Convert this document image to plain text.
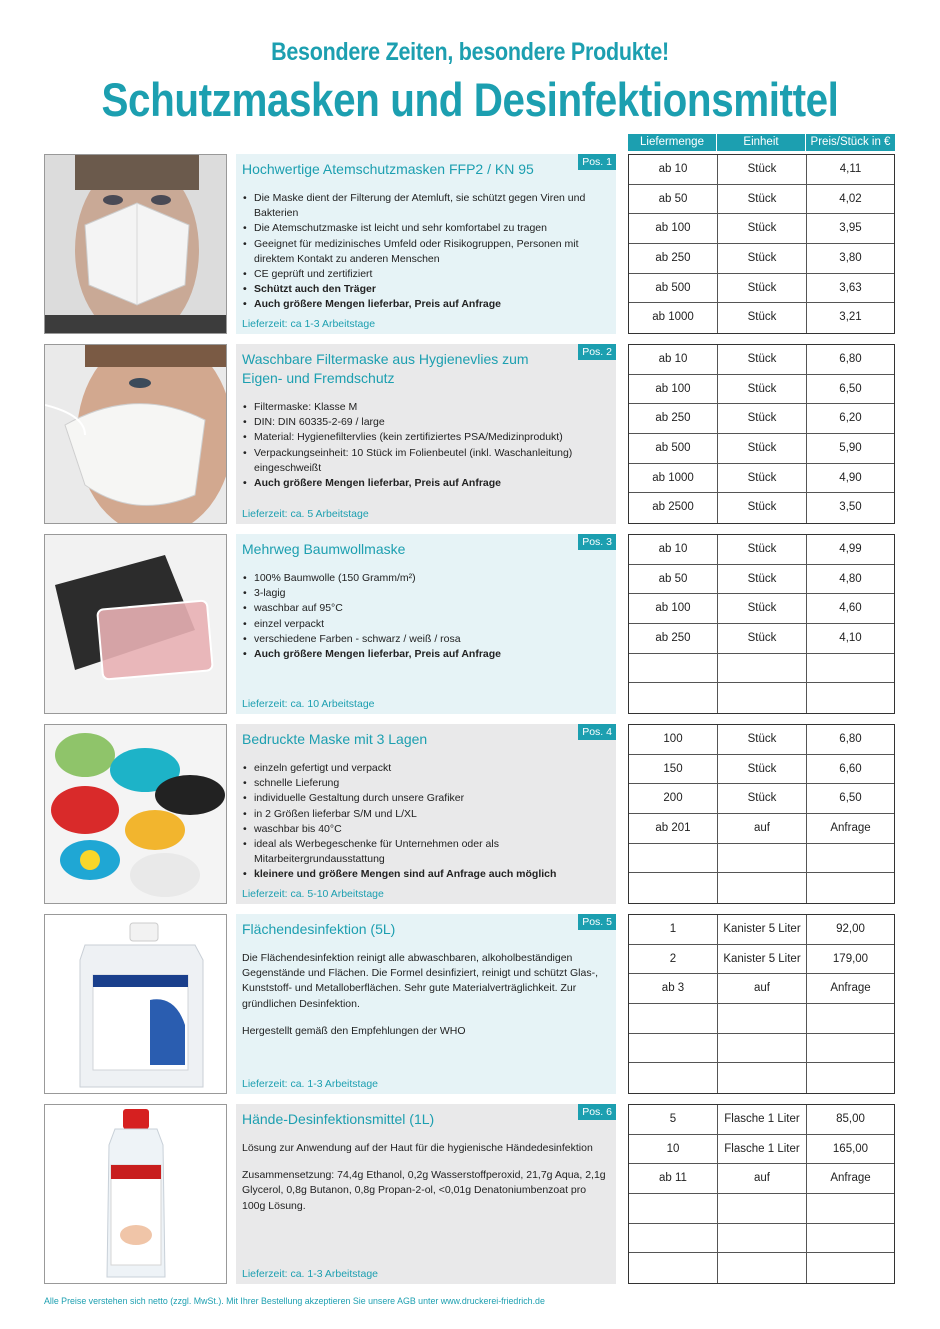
Besondere Zeiten, besondere Produkte!
Schutzmasken und Desinfektionsmittel
Liefermenge	Einheit	Preis/Stück in €
Hochwertige Atemschutzmasken FFP2 / KN 95	Pos. 1
• Die Maske dient der Filterung der Atemluft, sie schützt gegen Viren und Bakterien
• Die Atemschutzmaske ist leicht und sehr komfortabel zu tragen
• Geeignet für medizinisches Umfeld oder Risikogruppen, Personen mit direktem Kontakt zu anderen Menschen
• CE geprüft und zertifiziert
• Schützt auch den Träger
• Auch größere Mengen lieferbar, Preis auf Anfrage
Lieferzeit: ca 1-3 Arbeitstage
ab 10	Stück	4,11
ab 50	Stück	4,02
ab 100	Stück	3,95
ab 250	Stück	3,80
ab 500	Stück	3,63
ab 1000	Stück	3,21
Waschbare Filtermaske aus Hygienevlies zum Eigen- und Fremdschutz
Pos. 2
• Filtermaske: Klasse M
• DIN: DIN 60335-2-69 / large
• Material: Hygienefiltervlies (kein zertifiziertes PSA/Medizinprodukt)
• Verpackungseinheit: 10 Stück im Folienbeutel (inkl. Waschanleitung) eingeschweißt
• Auch größere Mengen lieferbar, Preis auf Anfrage
Lieferzeit: ca. 5 Arbeitstage
ab 10	Stück	6,80
ab 100	Stück	6,50
ab 250	Stück	6,20
ab 500	Stück	5,90
ab 1000	Stück	4,90
ab 2500	Stück	3,50
Mehrweg Baumwollmaske	Pos. 3
• 100% Baumwolle (150 Gramm/m²)
• 3-lagig
• waschbar auf 95°C
• einzel verpackt
• verschiedene Farben - schwarz / weiß / rosa
• Auch größere Mengen lieferbar, Preis auf Anfrage
Lieferzeit: ca. 10 Arbeitstage
ab 10	Stück	4,99
ab 50	Stück	4,80
ab 100	Stück	4,60
ab 250	Stück	4,10
Bedruckte Maske mit 3 Lagen	Pos. 4
• einzeln gefertigt und verpackt
• schnelle Lieferung
• individuelle Gestaltung durch unsere Grafiker
• in 2 Größen lieferbar S/M und L/XL
• waschbar bis 40°C
• ideal als Werbegeschenke für Unternehmen oder als Mitarbeitergrundausstattung
• kleinere und größere Mengen sind auf Anfrage auch möglich
Lieferzeit: ca. 5-10 Arbeitstage
100	Stück	6,80
150	Stück	6,60
200	Stück	6,50
ab 201	auf	Anfrage
Flächendesinfektion (5L)	Pos. 5

Die Flächendesinfektion reinigt alle abwaschbaren, alkoholbeständigen Gegenstände und Flächen. Die Formel desinfiziert, reinigt und schützt Glas-, Kunststoff- und Metalloberflächen. Sehr gute Materialverträglichkeit. Zur gründlichen Desinfektion.

Hergestellt gemäß den Empfehlungen der WHO

Lieferzeit: ca. 1-3 Arbeitstage
1	Kanister 5 Liter	92,00
2	Kanister 5 Liter	179,00
ab 3	auf	Anfrage
Hände-Desinfektionsmittel (1L)	Pos. 6

Lösung zur Anwendung auf der Haut für die hygienische Händedesinfektion

Zusammensetzung: 74,4g Ethanol, 0,2g Wasserstoffperoxid, 21,7g Aqua, 2,1g Glycerol, 0,8g Butanon, 0,8g Propan-2-ol, <0,01g Denatoniumbenzoat pro 100g Lösung.

Lieferzeit: ca. 1-3 Arbeitstage
5	Flasche 1 Liter	85,00
10	Flasche 1 Liter	165,00
ab 11	auf	Anfrage
Alle Preise verstehen sich netto (zzgl. MwSt.). Mit Ihrer Bestellung akzeptieren Sie unsere AGB unter www.druckerei-friedrich.de
